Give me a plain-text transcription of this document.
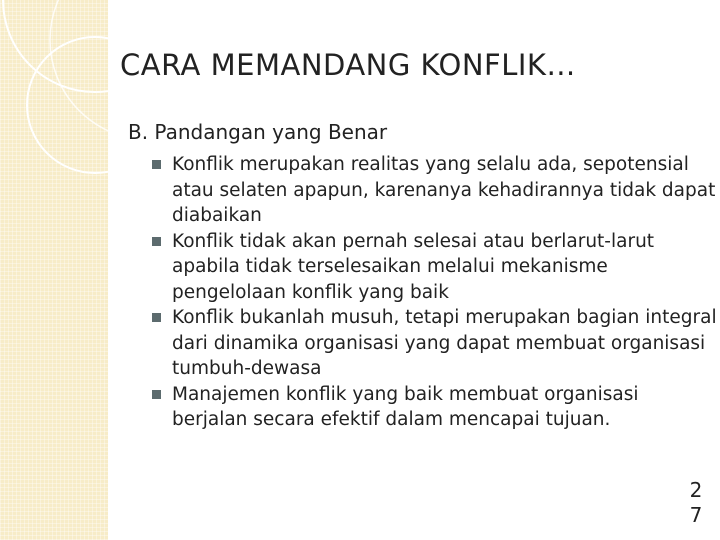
CARA MEMANDANG KONFLIK…
B. Pandangan yang Benar
Konflik merupakan realitas yang selalu ada, sepotensial atau selaten apapun, karenanya kehadirannya tidak dapat diabaikan
Konflik tidak akan pernah selesai atau berlarut-larut apabila tidak terselesaikan melalui mekanisme pengelolaan konflik yang baik
Konflik bukanlah musuh, tetapi merupakan bagian integral dari dinamika organisasi yang dapat membuat organisasi tumbuh-dewasa
Manajemen konflik yang baik membuat organisasi berjalan secara efektif dalam mencapai tujuan.
2
7
